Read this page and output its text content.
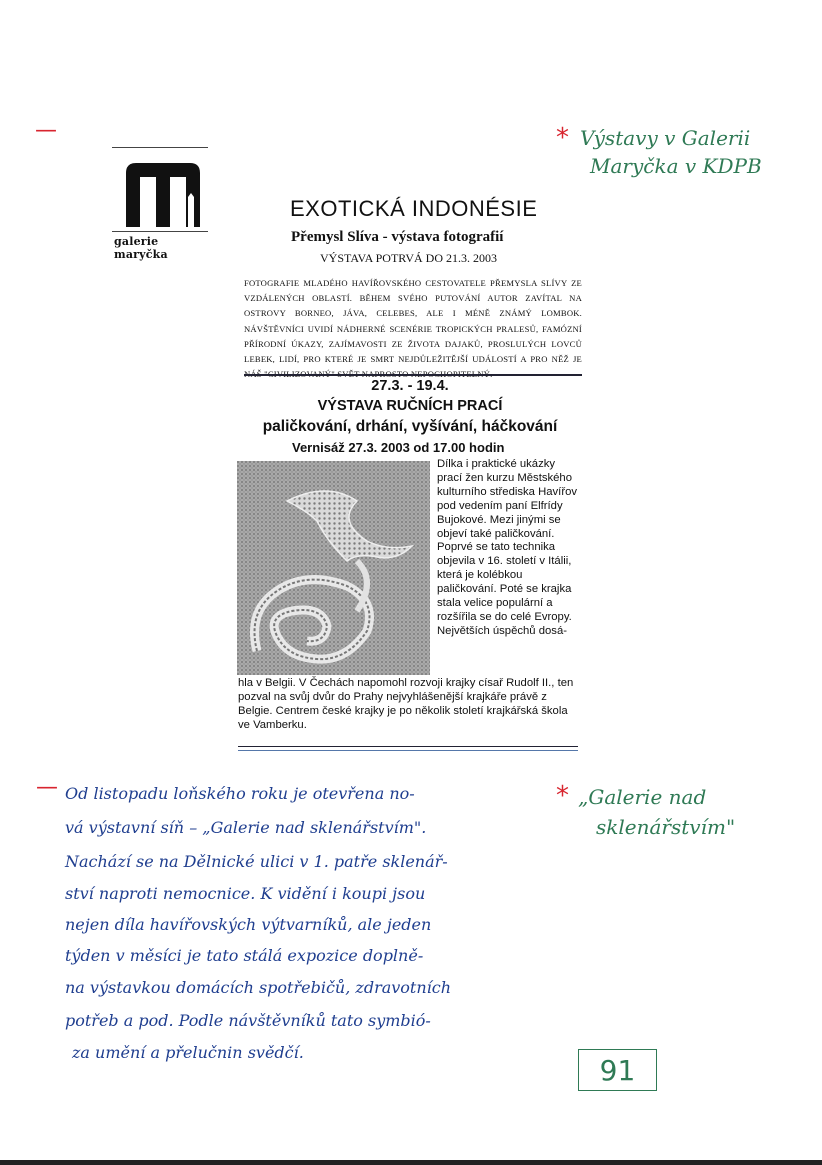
—	* Výstavy v Galerii
Maryčka v KDPB
galerie maryčka
EXOTICKÁ INDONÉSIE
Přemysl Slíva - výstava fotografií
VÝSTAVA POTRVÁ DO 21.3. 2003
FOTOGRAFIE MLADÉHO HAVÍŘOVSKÉHO CESTOVATELE PŘEMYSLA SLÍVY ZE VZDÁLENÝCH OBLASTÍ. BĚHEM SVÉHO PUTOVÁNÍ AUTOR ZAVÍTAL NA OSTROVY BORNEO, JÁVA, CELEBES, ALE I MÉNĚ ZNÁMÝ LOMBOK. NÁVŠTĚVNÍCI UVIDÍ NÁDHERNÉ SCENÉRIE TROPICKÝCH PRALESŮ, FAMÓZNÍ PŘÍRODNÍ ÚKAZY, ZAJÍMAVOSTI ZE ŽIVOTA DAJAKŮ, PROSLULÝCH LOVCŮ LEBEK, LIDÍ, PRO KTERÉ JE SMRT NEJDŮLEŽITĚJŠÍ UDÁLOSTÍ A PRO NĚŽ JE
27.3. - 19.4.
VÝSTAVA RUČNÍCH PRACÍ
paličkování, drhání, vyšívání, háčkování
Vernisáž 27.3. 2003 od 17.00 hodin
Dílka i praktické ukázky prací žen kurzu Městského kulturního střediska Havířov pod vedením paní Elfrídy Bujokové. Mezi jinými se objeví také paličkování. Poprvé se tato technika objevila v 16. století v Itálii, která je kolébkou paličkování. Poté se krajka stala velice populární a rozšířila se do celé Evropy. Největších úspěchů dosá-
hla v Belgii. V Čechách napomohl rozvoji krajky císař Rudolf II., ten pozval na svůj dvůr do Prahy nejvyhlášenější krajkáře právě z Belgie. Centrem české krajky je po několik století krajkářská škola ve Vamberku.
— Od listopadu loňského roku je otevřena no-
vá výstavní síň – „Galerie nad sklenářstvím".
Nachází se na Dělnické ulici v 1. patře sklenář-
ství naproti nemocnice. K vidění i koupi jsou
nejen díla havířovských výtvarníků, ale jeden
týden v měsíci je tato stálá expozice doplně-
na výstavkou domácích spotřebičů, zdravotních
potřeb a pod. Podle návštěvníků tato symbió-
za umění a přelučnin svědčí.
* „Galerie nad
sklenářstvím"
91
